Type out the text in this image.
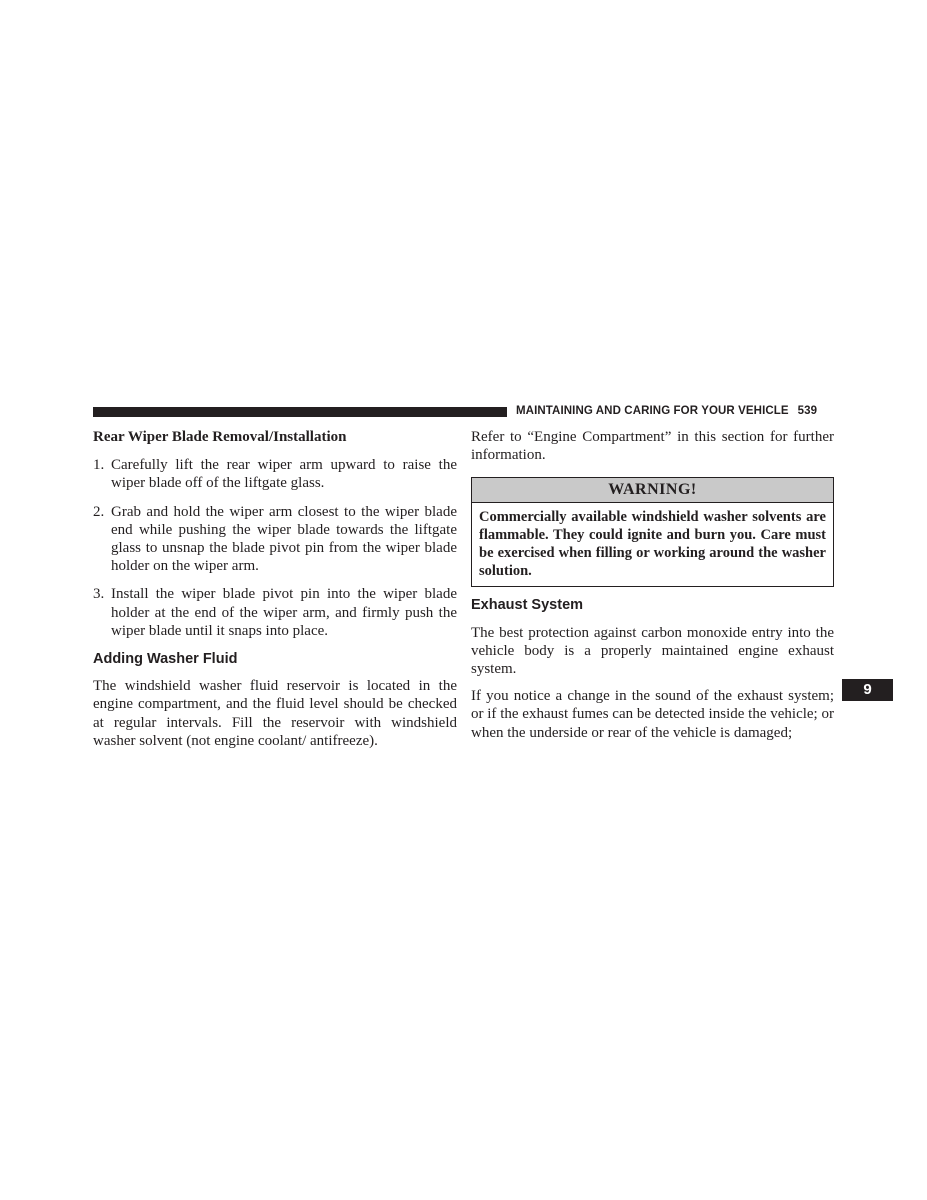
MAINTAINING AND CARING FOR YOUR VEHICLE 539
Rear Wiper Blade Removal/Installation
1. Carefully lift the rear wiper arm upward to raise the wiper blade off of the liftgate glass.
2. Grab and hold the wiper arm closest to the wiper blade end while pushing the wiper blade towards the liftgate glass to unsnap the blade pivot pin from the wiper blade holder on the wiper arm.
3. Install the wiper blade pivot pin into the wiper blade holder at the end of the wiper arm, and firmly push the wiper blade until it snaps into place.
Adding Washer Fluid

The windshield washer fluid reservoir is located in the engine compartment, and the fluid level should be checked at regular intervals. Fill the reservoir with windshield washer solvent (not engine coolant/ antifreeze).

Refer to “Engine Compartment” in this section for further information.

WARNING!
Commercially available windshield washer solvents are flammable. They could ignite and burn you. Care must be exercised when filling or working around the washer solution.
Exhaust System

The best protection against carbon monoxide entry into the vehicle body is a properly maintained engine exhaust system.

If you notice a change in the sound of the exhaust system; or if the exhaust fumes can be detected inside the vehicle; or when the underside or rear of the vehicle is damaged;

9
